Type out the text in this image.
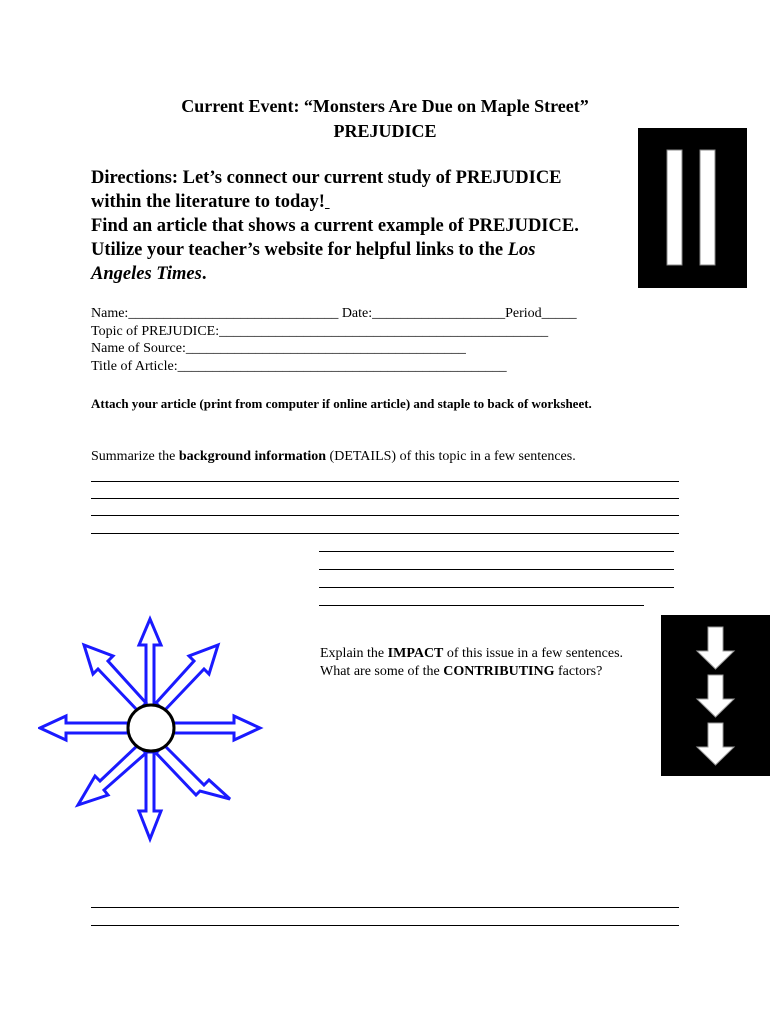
Current Event: “Monsters Are Due on Maple Street”
PREJUDICE
Directions: Let’s connect our current study of PREJUDICE
within the literature to today!
Find an article that shows a current example of PREJUDICE.
Utilize your teacher’s website for helpful links to the Los
Angeles Times.
Name:______________________________ Date:___________________Period_____
Topic of PREJUDICE:_______________________________________________
Name of Source:________________________________________
Title of Article:_______________________________________________
Attach your article (print from computer if online article) and staple to back of worksheet.
Summarize the background information (DETAILS) of this topic in a few sentences.
Explain the IMPACT of this issue in a few sentences.
What are some of the CONTRIBUTING factors?
